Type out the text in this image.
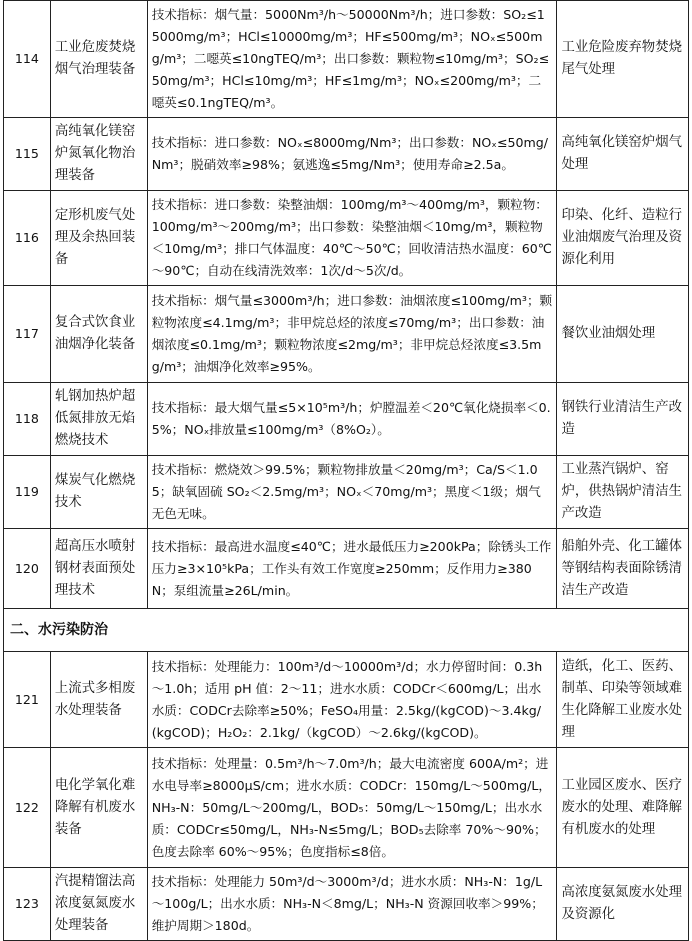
114	工业危废焚烧烟气治理装备	技术指标：烟气量：5000Nm³/h～50000Nm³/h；进口参数：SO₂≤15000mg/m³；HCl≤10000mg/m³；HF≤500mg/m³；NOₓ≤500mg/m³；二噁英≤10ngTEQ/m³；出口参数：颗粒物≤10mg/m³；SO₂≤50mg/m³；HCl≤10mg/m³；HF≤1mg/m³；NOₓ≤200mg/m³；二噁英≤0.1ngTEQ/m³。	工业危险废弃物焚烧尾气处理
115	高纯氧化镁窑炉氮氧化物治理装备	技术指标：进口参数：NOₓ≤8000mg/Nm³；出口参数：NOₓ≤50mg/Nm³；脱硝效率≥98%；氨逃逸≤5mg/Nm³；使用寿命≥2.5a。	高纯氧化镁窑炉烟气处理
116	定形机废气处理及余热回装备	技术指标：进口参数：染整油烟：100mg/m³～400mg/m³，颗粒物：100mg/m³～200mg/m³；出口参数：染整油烟＜10mg/m³，颗粒物＜10mg/m³；排口气体温度：40℃～50℃；回收清洁热水温度：60℃～90℃；自动在线清洗效率：1次/d～5次/d。	印染、化纤、造粒行业油烟废气治理及资源化利用
117	复合式饮食业油烟净化装备	技术指标：烟气量≤3000m³/h；进口参数：油烟浓度≤100mg/m³；颗粒物浓度≤4.1mg/m³；非甲烷总烃的浓度≤70mg/m³；出口参数：油烟浓度≤0.1mg/m³；颗粒物浓度≤2mg/m³；非甲烷总烃浓度≤3.5mg/m³；油烟净化效率≥95%。	餐饮业油烟处理
118	轧钢加热炉超低氮排放无焰燃烧技术	技术指标：最大烟气量≤5×10⁵m³/h；炉膛温差＜20℃氧化烧损率＜0.5%；NOₓ排放量≤100mg/m³（8%O₂）。	钢铁行业清洁生产改造
119	煤炭气化燃烧技术	技术指标：燃烧效＞99.5%；颗粒物排放量＜20mg/m³；Ca/S＜1.05；缺氧固硫 SO₂＜2.5mg/m³；NOₓ＜70mg/m³；黑度＜1级；烟气无色无味。	工业蒸汽锅炉、窑炉，供热锅炉清洁生产改造
120	超高压水喷射钢材表面预处理技术	技术指标：最高进水温度≤40℃；进水最低压力≥200kPa；除锈头工作压力≥3×10⁵kPa；工作头有效工作宽度≥250mm；反作用力≥380N；泵组流量≥26L/min。	船舶外壳、化工罐体等钢结构表面除锈清洁生产改造
二、水污染防治			
121	上流式多相废水处理装备	技术指标：处理能力：100m³/d～10000m³/d；水力停留时间：0.3h～1.0h；适用 pH 值：2～11；进水水质：CODCr＜600mg/L；出水水质：CODCr去除率≥50%；FeSO₄用量：2.5kg/(kgCOD)～3.4kg/(kgCOD)；H₂O₂：2.1kg/（kgCOD）～2.6kg/(kgCOD)。	造纸，化工、医药、制革、印染等领域难生化降解工业废水处理
122	电化学氧化难降解有机废水装备	技术指标：处理量：0.5m³/h～7.0m³/h；最大电流密度 600A/m²；进水电导率≥8000μS/cm；进水水质：CODCr：150mg/L～500mg/L，NH₃-N：50mg/L～200mg/L，BOD₅：50mg/L～150mg/L；出水水质：CODCr≤50mg/L，NH₃-N≤5mg/L；BOD₅去除率 70%～90%；色度去除率 60%～95%；色度指标≤8倍。	工业园区废水、医疗废水的处理、难降解有机废水的处理
123	汽提精馏法高浓度氨氮废水处理装备	技术指标：处理能力 50m³/d～3000m³/d；进水水质：NH₃-N：1g/L～100g/L；出水水质：NH₃-N＜8mg/L；NH₃-N 资源回收率＞99%；维护周期＞180d。	高浓度氨氮废水处理及资源化
